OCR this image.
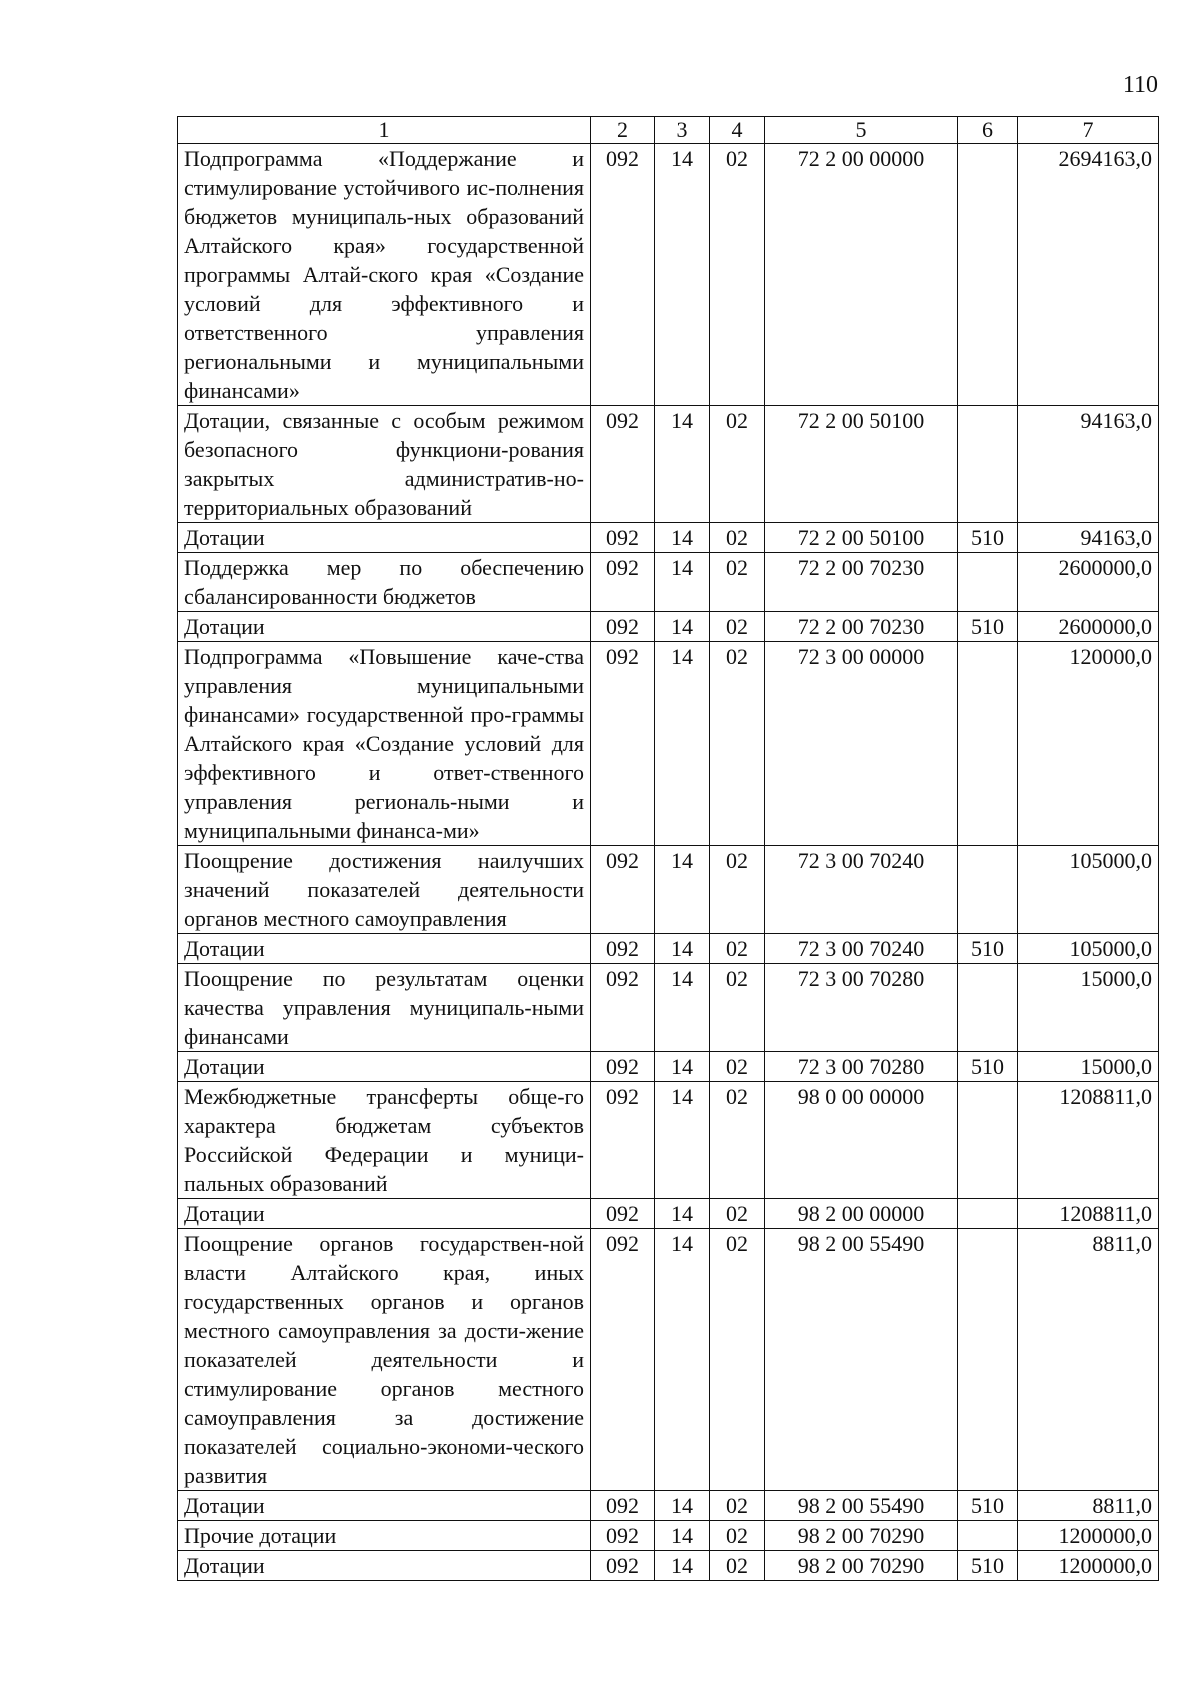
110
1	2	3	4	5	6	7
Подпрограмма «Поддержание и стимулирование устойчивого ис-полнения бюджетов муниципаль-ных образований Алтайского края» государственной программы Алтай-ского края «Создание условий для эффективного и ответственного управления региональными и муниципальными финансами»	092	14	02	72 2 00 00000		2694163,0
Дотации, связанные с особым режимом безопасного функциони-рования закрытых административ-но-территориальных образований	092	14	02	72 2 00 50100		94163,0
Дотации	092	14	02	72 2 00 50100	510	94163,0
Поддержка мер по обеспечению сбалансированности бюджетов	092	14	02	72 2 00 70230		2600000,0
Дотации	092	14	02	72 2 00 70230	510	2600000,0
Подпрограмма «Повышение каче-ства управления муниципальными финансами» государственной про-граммы Алтайского края «Создание условий для эффективного и ответ-ственного управления региональ-ными и муниципальными финанса-ми»	092	14	02	72 3 00 00000		120000,0
Поощрение достижения наилучших значений показателей деятельности органов местного самоуправления	092	14	02	72 3 00 70240		105000,0
Дотации	092	14	02	72 3 00 70240	510	105000,0
Поощрение по результатам оценки качества управления муниципаль-ными финансами	092	14	02	72 3 00 70280		15000,0
Дотации	092	14	02	72 3 00 70280	510	15000,0
Межбюджетные трансферты обще-го характера бюджетам субъектов Российской Федерации и муници-пальных образований	092	14	02	98 0 00 00000		1208811,0
Дотации	092	14	02	98 2 00 00000		1208811,0
Поощрение органов государствен-ной власти Алтайского края, иных государственных органов и органов местного самоуправления за дости-жение показателей деятельности и стимулирование органов местного самоуправления за достижение показателей социально-экономи-ческого развития	092	14	02	98 2 00 55490		8811,0
Дотации	092	14	02	98 2 00 55490	510	8811,0
Прочие дотации	092	14	02	98 2 00 70290		1200000,0
Дотации	092	14	02	98 2 00 70290	510	1200000,0
